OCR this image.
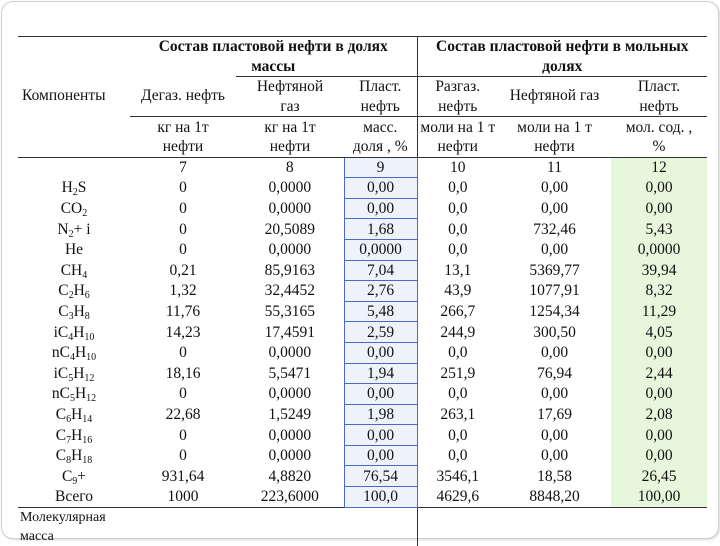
	Состав пластовой нефти в долях			Состав пластовой нефти в мольных		
	массы			долях		
		Нефтяной	Пласт.	Разгаз.		Пласт.

Компоненты	Дегаз. нефть	газ	нефть	нефть	Нефтяной газ	нефть
	кг на 1т	кг на 1т	масс.	моли на 1 т	моли на 1 т	мол. сод. ,
	нефти	нефти	доля , %	нефти	нефти	%
	7	8	9	10	11	12
$H_2S$	0	0,0000	0,00	0,0	0,00	0,00
$CO_2$	0	0,0000	0,00	0,0	0,00	0,00
$N_2+ i$	0	20,5089	1,68	0,0	732,46	5,43
He	0	0,0000	0,0000	0,0	0,00	0,0000
$CH_4$	0,21	85,9163	7,04	13,1	5369,77	39,94
$C_2H_6$	1,32	32,4452	2,76	43,9	1077,91	8,32
$C_3H_8$	11,76	55,3165	5,48	266,7	1254,34	11,29
$iC_4H_{10}$	14,23	17,4591	2,59	244,9	300,50	4,05
$nC_4H_{10}$	0	0,0000	0,00	0,0	0,00	0,00
$iC_5H_{12}$	18,16	5,5471	1,94	251,9	76,94	2,44
$nC_5H_{12}$	0	0,0000	0,00	0,0	0,00	0,00
$C_6H_{14}$	22,68	1,5249	1,98	263,1	17,69	2,08
$C_7H_{16}$	0	0,0000	0,00	0,0	0,00	0,00
$C_8H_{18}$	0	0,0000	0,00	0,0	0,00	0,00
$C_9+$	931,64	4,8820	76,54	3546,1	18,58	26,45
Всего	1000	223,6000	100,0	4629,6	8848,20	100,00

Молекулярная
масса						
